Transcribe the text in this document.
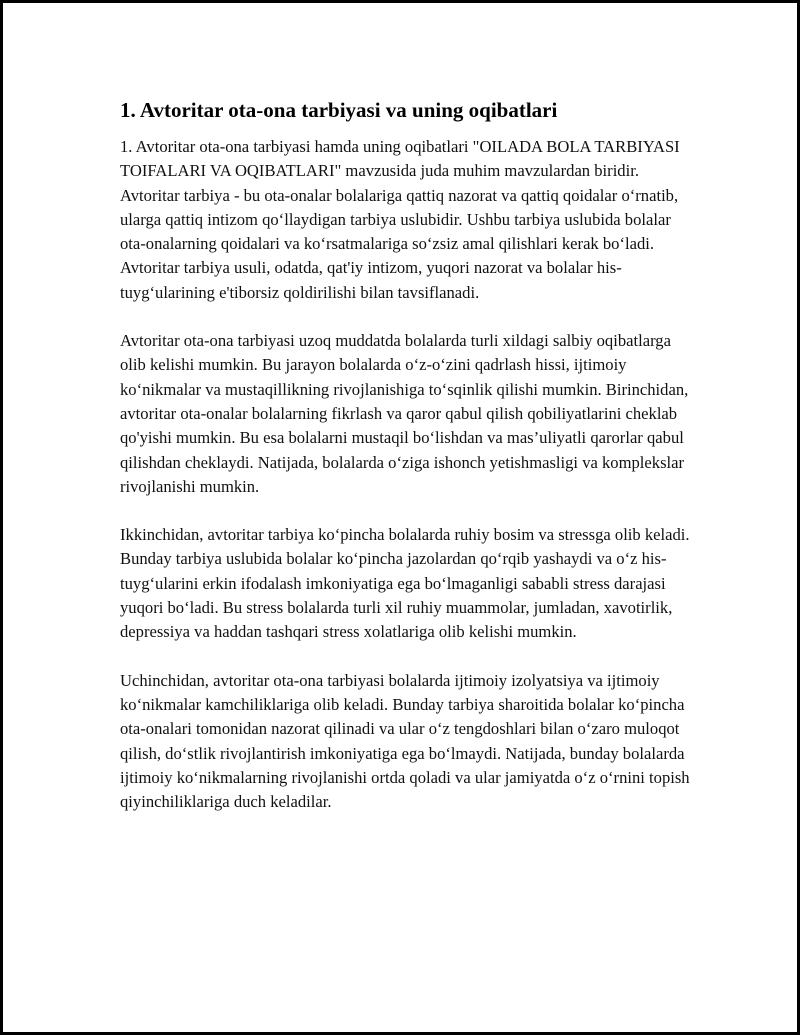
1. Avtoritar ota-ona tarbiyasi va uning oqibatlari

1. Avtoritar ota-ona tarbiyasi hamda uning oqibatlari "OILADA BOLA TARBIYASI TOIFALARI VA OQIBATLARI" mavzusida juda muhim mavzulardan biridir. Avtoritar tarbiya - bu ota-onalar bolalariga qattiq nazorat va qattiq qoidalar o‘rnatib, ularga qattiq intizom qo‘llaydigan tarbiya uslubidir. Ushbu tarbiya uslubida bolalar ota-onalarning qoidalari va ko‘rsatmalariga so‘zsiz amal qilishlari kerak bo‘ladi. Avtoritar tarbiya usuli, odatda, qat'iy intizom, yuqori nazorat va bolalar his-tuyg‘ularining e'tiborsiz qoldirilishi bilan tavsiflanadi.

Avtoritar ota-ona tarbiyasi uzoq muddatda bolalarda turli xildagi salbiy oqibatlarga olib kelishi mumkin. Bu jarayon bolalarda o‘z-o‘zini qadrlash hissi, ijtimoiy ko‘nikmalar va mustaqillikning rivojlanishiga to‘sqinlik qilishi mumkin. Birinchidan, avtoritar ota-onalar bolalarning fikrlash va qaror qabul qilish qobiliyatlarini cheklab qo'yishi mumkin. Bu esa bolalarni mustaqil bo‘lishdan va mas’uliyatli qarorlar qabul qilishdan cheklaydi. Natijada, bolalarda o‘ziga ishonch yetishmasligi va komplekslar rivojlanishi mumkin.

Ikkinchidan, avtoritar tarbiya ko‘pincha bolalarda ruhiy bosim va stressga olib keladi. Bunday tarbiya uslubida bolalar ko‘pincha jazolardan qo‘rqib yashaydi va o‘z his-tuyg‘ularini erkin ifodalash imkoniyatiga ega bo‘lmaganligi sababli stress darajasi yuqori bo‘ladi. Bu stress bolalarda turli xil ruhiy muammolar, jumladan, xavotirlik, depressiya va haddan tashqari stress xolatlariga olib kelishi mumkin.

Uchinchidan, avtoritar ota-ona tarbiyasi bolalarda ijtimoiy izolyatsiya va ijtimoiy ko‘nikmalar kamchiliklariga olib keladi. Bunday tarbiya sharoitida bolalar ko‘pincha ota-onalari tomonidan nazorat qilinadi va ular o‘z tengdoshlari bilan o‘zaro muloqot qilish, do‘stlik rivojlantirish imkoniyatiga ega bo‘lmaydi. Natijada, bunday bolalarda ijtimoiy ko‘nikmalarning rivojlanishi ortda qoladi va ular jamiyatda o‘z o‘rnini topish qiyinchiliklariga duch keladilar.
